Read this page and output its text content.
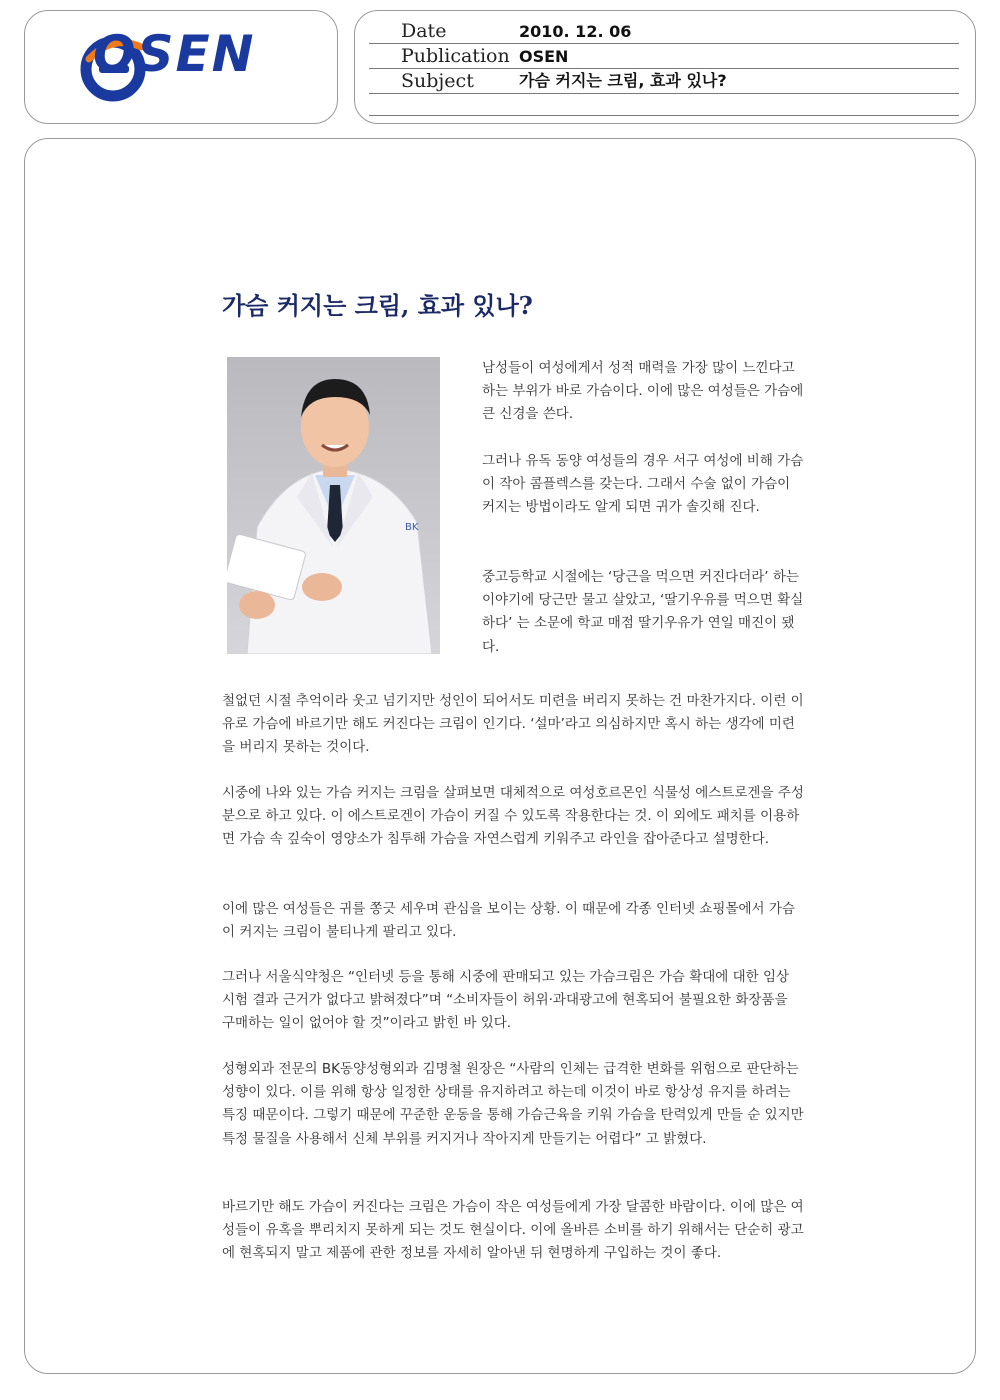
OSEN	Date	2010. 12. 06
Publication OSEN
Subject	가슴 커지는 크림, 효과 있나?
가슴 커지는 크림, 효과 있나?
BK

남성들이 여성에게서 성적 매력을 가장 많이 느낀다고 하는 부위가 바로 가슴이다. 이에 많은 여성들은 가슴에 큰 신경을 쓴다.

그러나 유독 동양 여성들의 경우 서구 여성에 비해 가슴이 작아 콤플렉스를 갖는다. 그래서 수술 없이 가슴이 커지는 방법이라도 알게 되면 귀가 솔깃해 진다.

중고등학교 시절에는 ‘당근을 먹으면 커진다더라’ 하는 이야기에 당근만 물고 살았고, ‘딸기우유를 먹으면 확실하다’ 는 소문에 학교 매점 딸기우유가 연일 매진이 됐다.

철없던 시절 추억이라 웃고 넘기지만 성인이 되어서도 미련을 버리지 못하는 건 마찬가지다. 이런 이유로 가슴에 바르기만 해도 커진다는 크림이 인기다. ‘설마’라고 의심하지만 혹시 하는 생각에 미련을 버리지 못하는 것이다.

시중에 나와 있는 가슴 커지는 크림을 살펴보면 대체적으로 여성호르몬인 식물성 에스트로겐을 주성분으로 하고 있다. 이 에스트로겐이 가슴이 커질 수 있도록 작용한다는 것. 이 외에도 패치를 이용하면 가슴 속 깊숙이 영양소가 침투해 가슴을 자연스럽게 키워주고 라인을 잡아준다고 설명한다.

이에 많은 여성들은 귀를 쫑긋 세우며 관심을 보이는 상황. 이 때문에 각종 인터넷 쇼핑몰에서 가슴이 커지는 크림이 불티나게 팔리고 있다.

그러나 서울식약청은 “인터넷 등을 통해 시중에 판매되고 있는 가슴크림은 가슴 확대에 대한 임상 시험 결과 근거가 없다고 밝혀졌다”며 “소비자들이 허위·과대광고에 현혹되어 불필요한 화장품을 구매하는 일이 없어야 할 것”이라고 밝힌 바 있다.

성형외과 전문의 BK동양성형외과 김명철 원장은 “사람의 인체는 급격한 변화를 위험으로 판단하는 성향이 있다. 이를 위해 항상 일정한 상태를 유지하려고 하는데 이것이 바로 항상성 유지를 하려는 특징 때문이다. 그렇기 때문에 꾸준한 운동을 통해 가슴근육을 키워 가슴을 탄력있게 만들 순 있지만 특정 물질을 사용해서 신체 부위를 커지거나 작아지게 만들기는 어렵다” 고 밝혔다.

바르기만 해도 가슴이 커진다는 크림은 가슴이 작은 여성들에게 가장 달콤한 바람이다. 이에 많은 여성들이 유혹을 뿌리치지 못하게 되는 것도 현실이다. 이에 올바른 소비를 하기 위해서는 단순히 광고에 현혹되지 말고 제품에 관한 정보를 자세히 알아낸 뒤 현명하게 구입하는 것이 좋다.
